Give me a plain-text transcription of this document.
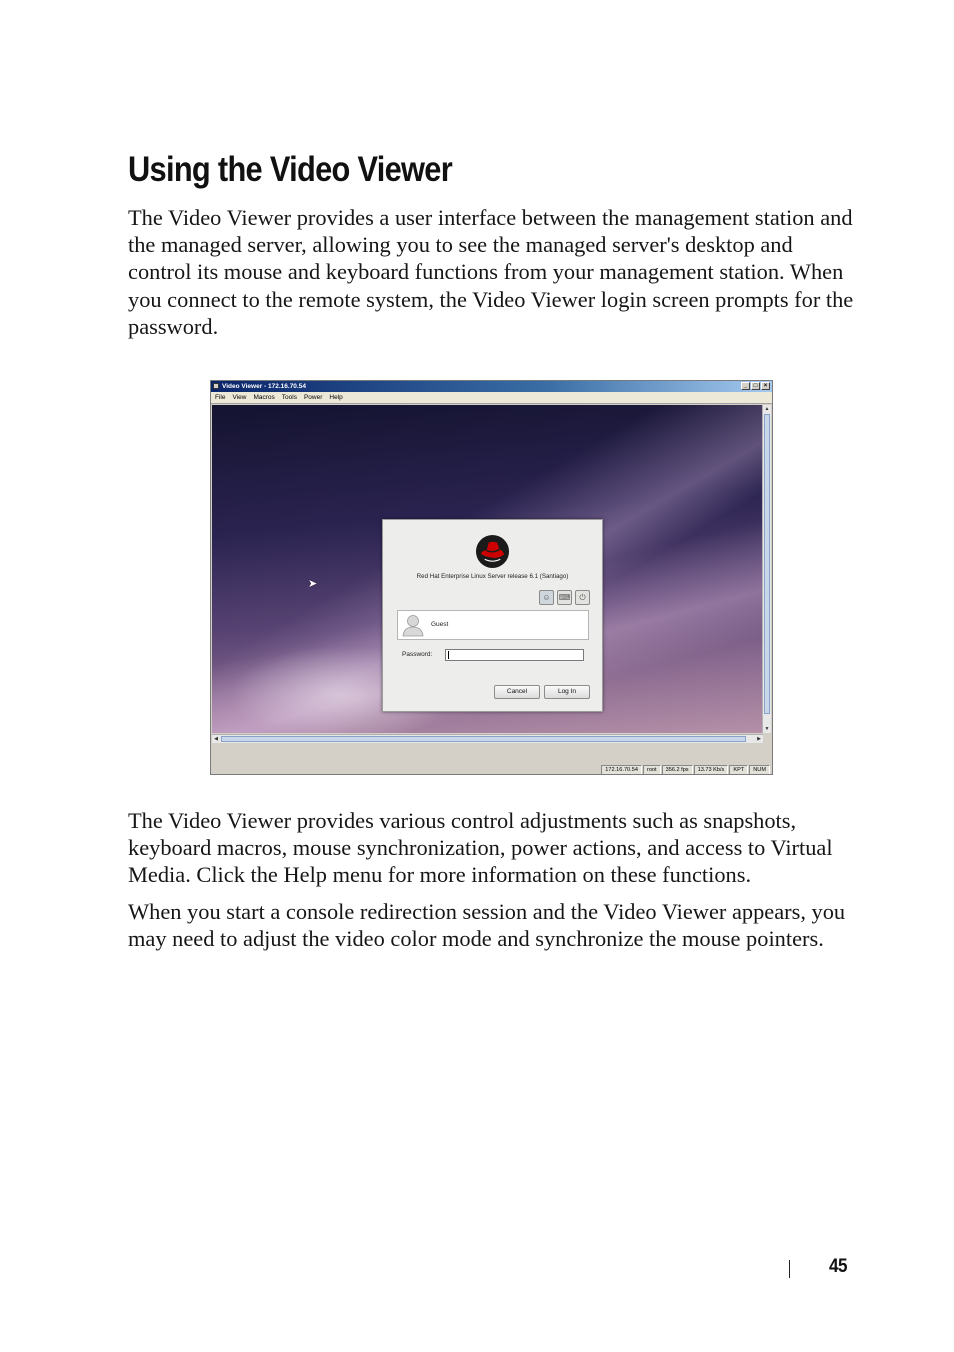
Using the Video Viewer

The Video Viewer provides a user interface between the management station and the managed server, allowing you to see the managed server's desktop and control its mouse and keyboard functions from your management station. When you connect to the remote system, the Video Viewer login screen prompts for the password.

Video Viewer - 172.16.70.54	_	□	×
File View Macros Tools Power Help
➤
Red Hat Enterprise Linux Server release 6.1 (Santiago)
☺	⌨	⏻
Guest
Password:
Cancel	Log In
▲
▼
◀	▶
172.16.70.54	root	356.2 fps	13.73 Kb/s	KPT	NUM

The Video Viewer provides various control adjustments such as snapshots, keyboard macros, mouse synchronization, power actions, and access to Virtual Media. Click the Help menu for more information on these functions.

When you start a console redirection session and the Video Viewer appears, you may need to adjust the video color mode and synchronize the mouse pointers.

45
